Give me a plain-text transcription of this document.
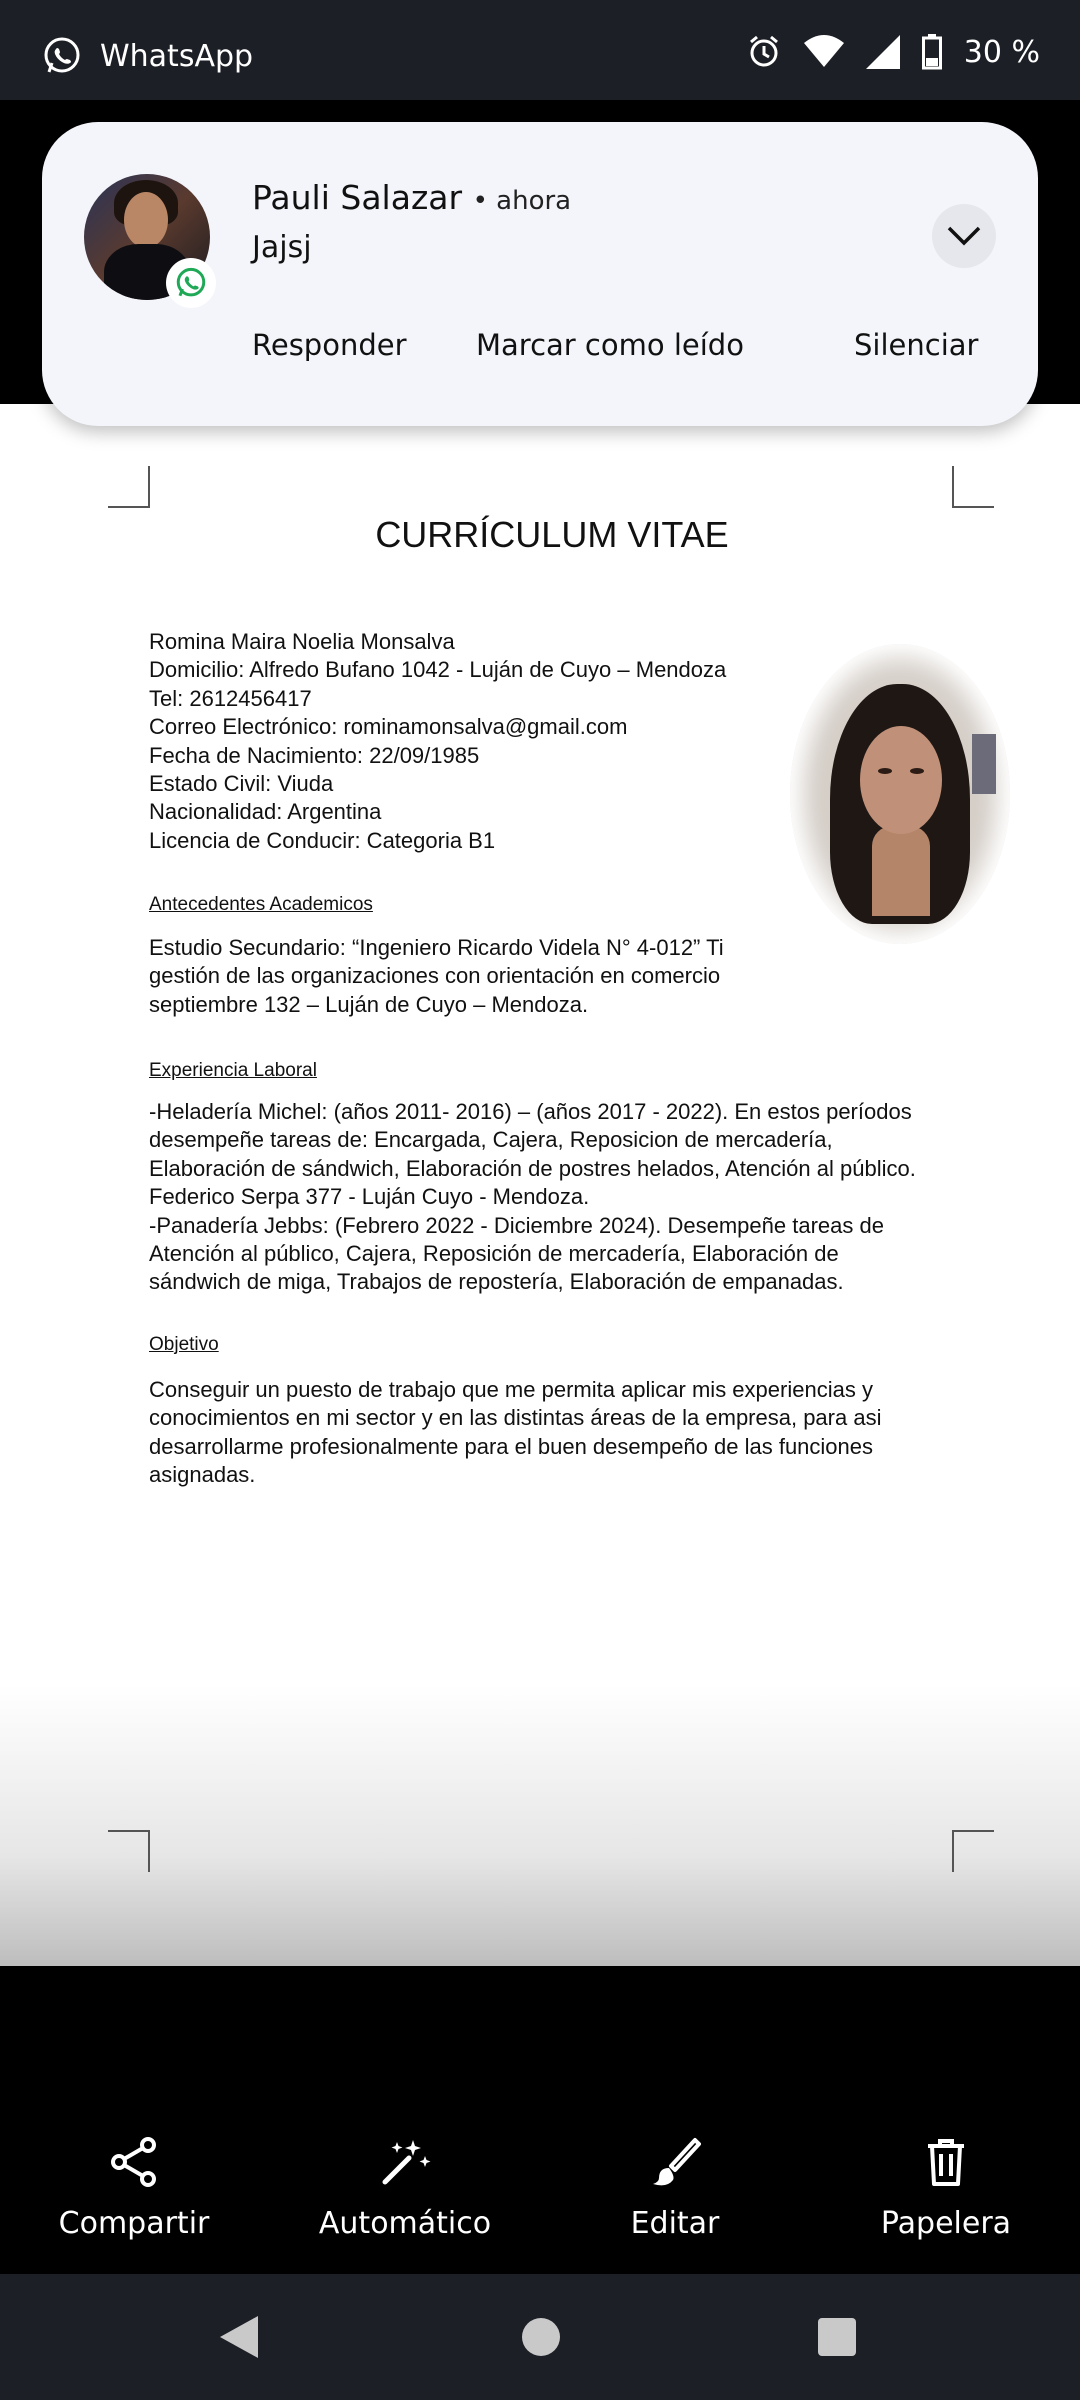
WhatsApp	30 %
CURRÍCULUM VITAE
Romina Maira Noelia Monsalva
Domicilio: Alfredo Bufano 1042 - Luján de Cuyo – Mendoza
Tel: 2612456417
Correo Electrónico: rominamonsalva@gmail.com
Fecha de Nacimiento: 22/09/1985
Estado Civil: Viuda
Nacionalidad: Argentina
Licencia de Conducir: Categoria B1
Antecedentes Academicos
Estudio Secundario: “Ingeniero Ricardo Videla N° 4-012” Ti
gestión de las organizaciones con orientación en comercio
septiembre 132 – Luján de Cuyo – Mendoza.
Experiencia Laboral
-Heladería Michel: (años 2011- 2016) – (años 2017 - 2022). En estos períodos
desempeñe tareas de: Encargada, Cajera, Reposicion de mercadería,
Elaboración de sándwich, Elaboración de postres helados, Atención al público.
Federico Serpa 377 - Luján Cuyo - Mendoza.
-Panadería Jebbs: (Febrero 2022 - Diciembre 2024). Desempeñe tareas de
Atención al público, Cajera, Reposición de mercadería, Elaboración de
sándwich de miga, Trabajos de repostería, Elaboración de empanadas.
Objetivo
Conseguir un puesto de trabajo que me permita aplicar mis experiencias y
conocimientos en mi sector y en las distintas áreas de la empresa, para asi
desarrollarme profesionalmente para el buen desempeño de las funciones
asignadas.
Pauli Salazar • ahora
Jajsj
Responder Marcar como leído	Silenciar
Compartir	Automático	Editar	Papelera
